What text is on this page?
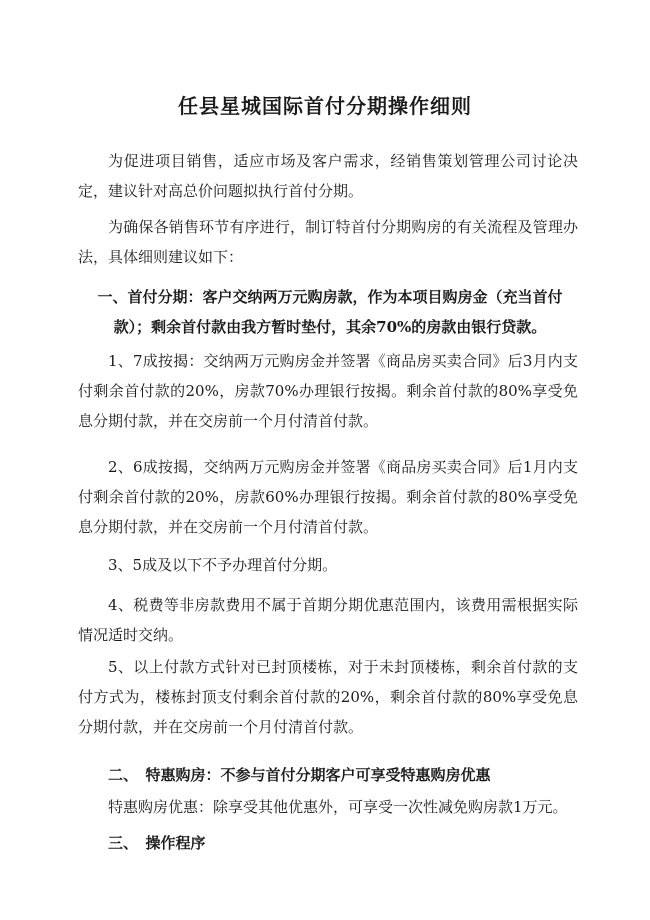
任县星城国际首付分期操作细则

为促进项目销售，适应市场及客户需求，经销售策划管理公司讨论决定，建议针对高总价问题拟执行首付分期。

为确保各销售环节有序进行，制订特首付分期购房的有关流程及管理办法，具体细则建议如下：

一、首付分期：客户交纳两万元购房款，作为本项目购房金（充当首付款）；剩余首付款由我方暂时垫付，其余70%的房款由银行贷款。

1、7成按揭：交纳两万元购房金并签署《商品房买卖合同》后3月内支付剩余首付款的20%，房款70%办理银行按揭。剩余首付款的80%享受免息分期付款，并在交房前一个月付清首付款。

2、6成按揭，交纳两万元购房金并签署《商品房买卖合同》后1月内支付剩余首付款的20%，房款60%办理银行按揭。剩余首付款的80%享受免息分期付款，并在交房前一个月付清首付款。

3、5成及以下不予办理首付分期。

4、税费等非房款费用不属于首期分期优惠范围内，该费用需根据实际情况适时交纳。

5、以上付款方式针对已封顶楼栋，对于未封顶楼栋，剩余首付款的支付方式为，楼栋封顶支付剩余首付款的20%，剩余首付款的80%享受免息分期付款，并在交房前一个月付清首付款。

二、　特惠购房：不参与首付分期客户可享受特惠购房优惠

特惠购房优惠：除享受其他优惠外，可享受一次性减免购房款1万元。

三、　操作程序
